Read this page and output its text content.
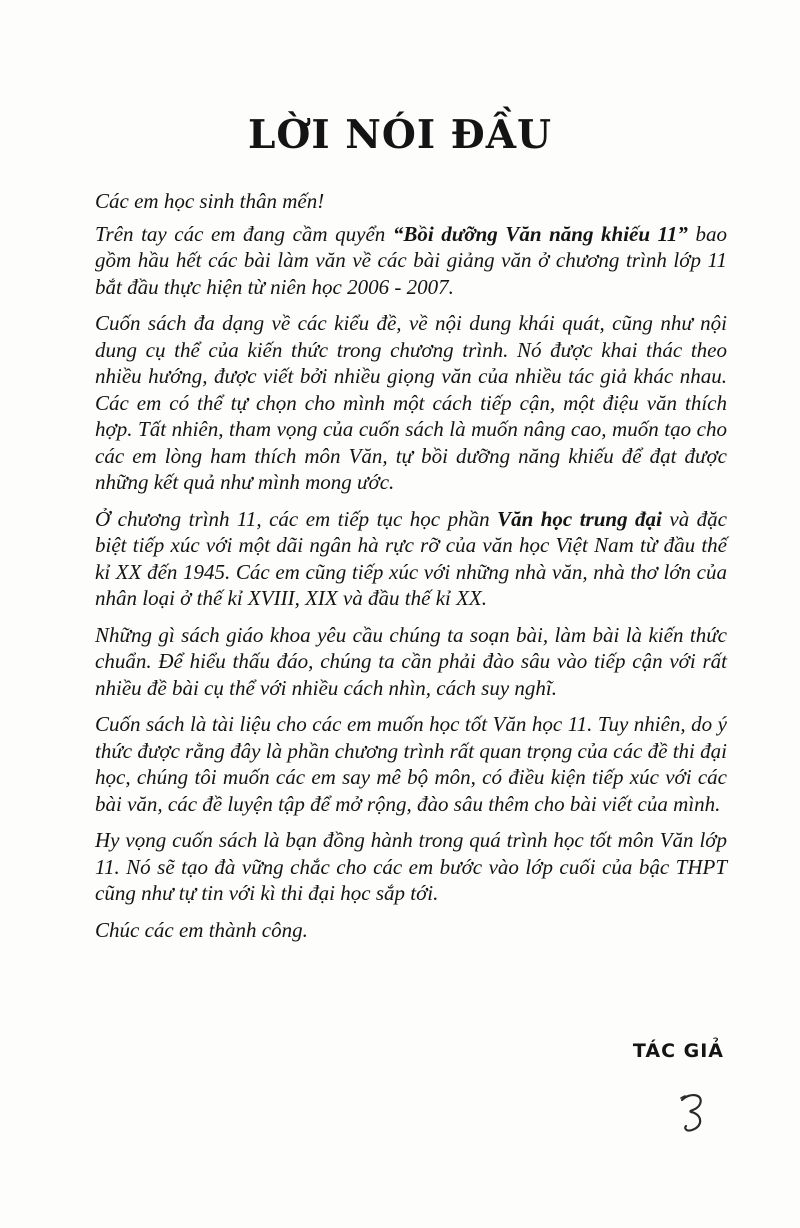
LỜI NÓI ĐẦU

Các em học sinh thân mến!

Trên tay các em đang cầm quyển “Bồi dưỡng Văn năng khiếu 11” bao gồm hầu hết các bài làm văn về các bài giảng văn ở chương trình lớp 11 bắt đầu thực hiện từ niên học 2006 - 2007.

Cuốn sách đa dạng về các kiểu đề, về nội dung khái quát, cũng như nội dung cụ thể của kiến thức trong chương trình. Nó được khai thác theo nhiều hướng, được viết bởi nhiều giọng văn của nhiều tác giả khác nhau. Các em có thể tự chọn cho mình một cách tiếp cận, một điệu văn thích hợp. Tất nhiên, tham vọng của cuốn sách là muốn nâng cao, muốn tạo cho các em lòng ham thích môn Văn, tự bồi dưỡng năng khiếu để đạt được những kết quả như mình mong ước.

Ở chương trình 11, các em tiếp tục học phần Văn học trung đại và đặc biệt tiếp xúc với một dãi ngân hà rực rỡ của văn học Việt Nam từ đầu thế kỉ XX đến 1945. Các em cũng tiếp xúc với những nhà văn, nhà thơ lớn của nhân loại ở thế kỉ XVIII, XIX và đầu thế kỉ XX.

Những gì sách giáo khoa yêu cầu chúng ta soạn bài, làm bài là kiến thức chuẩn. Để hiểu thấu đáo, chúng ta cần phải đào sâu vào tiếp cận với rất nhiều đề bài cụ thể với nhiều cách nhìn, cách suy nghĩ.

Cuốn sách là tài liệu cho các em muốn học tốt Văn học 11. Tuy nhiên, do ý thức được rằng đây là phần chương trình rất quan trọng của các đề thi đại học, chúng tôi muốn các em say mê bộ môn, có điều kiện tiếp xúc với các bài văn, các đề luyện tập để mở rộng, đào sâu thêm cho bài viết của mình.

Hy vọng cuốn sách là bạn đồng hành trong quá trình học tốt môn Văn lớp 11. Nó sẽ tạo đà vững chắc cho các em bước vào lớp cuối của bậc THPT cũng như tự tin với kì thi đại học sắp tới.

Chúc các em thành công.

TÁC GIẢ
